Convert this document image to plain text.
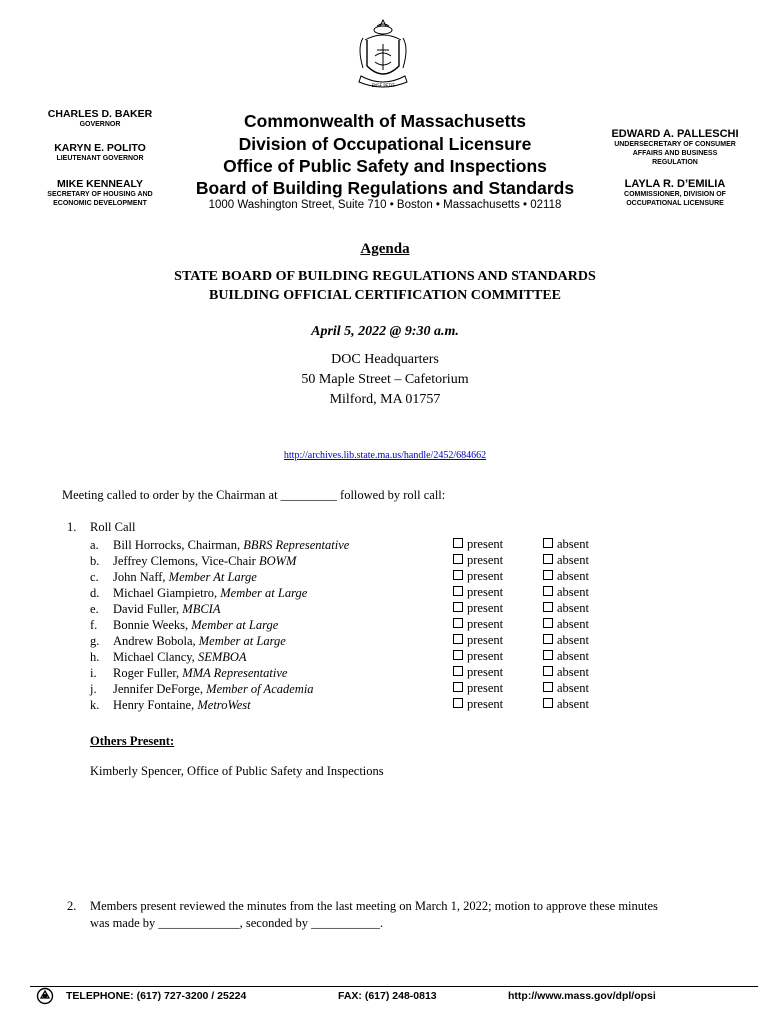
ENSE PETIT
CHARLES D. BAKER
GOVERNOR
KARYN E. POLITO
LIEUTENANT GOVERNOR
MIKE KENNEALY
SECRETARY OF HOUSING AND
ECONOMIC DEVELOPMENT
Commonwealth of Massachusetts
Division of Occupational Licensure
Office of Public Safety and Inspections
Board of Building Regulations and Standards
1000 Washington Street, Suite 710 • Boston • Massachusetts • 02118
EDWARD A. PALLESCHI
UNDERSECRETARY OF CONSUMER
AFFAIRS AND BUSINESS
REGULATION
LAYLA R. D’EMILIA
COMMISSIONER, DIVISION OF
OCCUPATIONAL LICENSURE
Agenda
STATE BOARD OF BUILDING REGULATIONS AND STANDARDS
BUILDING OFFICIAL CERTIFICATION COMMITTEE
April 5, 2022 @ 9:30 a.m.
DOC Headquarters
50 Maple Street – Cafetorium
Milford, MA 01757
http://archives.lib.state.ma.us/handle/2452/684662
Meeting called to order by the Chairman at _________ followed by roll call:
1. Roll Call
a.	Bill Horrocks, Chairman, BBRS Representative	present	absent
b.	Jeffrey Clemons, Vice-Chair BOWM	present	absent
c.	John Naff, Member At Large	present	absent
d.	Michael Giampietro, Member at Large	present	absent
e.	David Fuller, MBCIA	present	absent
f.	Bonnie Weeks, Member at Large	present	absent
g.	Andrew Bobola, Member at Large	present	absent
h.	Michael Clancy, SEMBOA	present	absent
i.	Roger Fuller, MMA Representative	present	absent
j.	Jennifer DeForge, Member of Academia	present	absent
k.	Henry Fontaine, MetroWest	present	absent
Others Present:
Kimberly Spencer, Office of Public Safety and Inspections
2. Members present reviewed the minutes from the last meeting on March 1, 2022; motion to approve these minutes
was made by _____________, seconded by ___________.
TELEPHONE: (617) 727-3200 / 25224	FAX: (617) 248-0813	http://www.mass.gov/dpl/opsi
